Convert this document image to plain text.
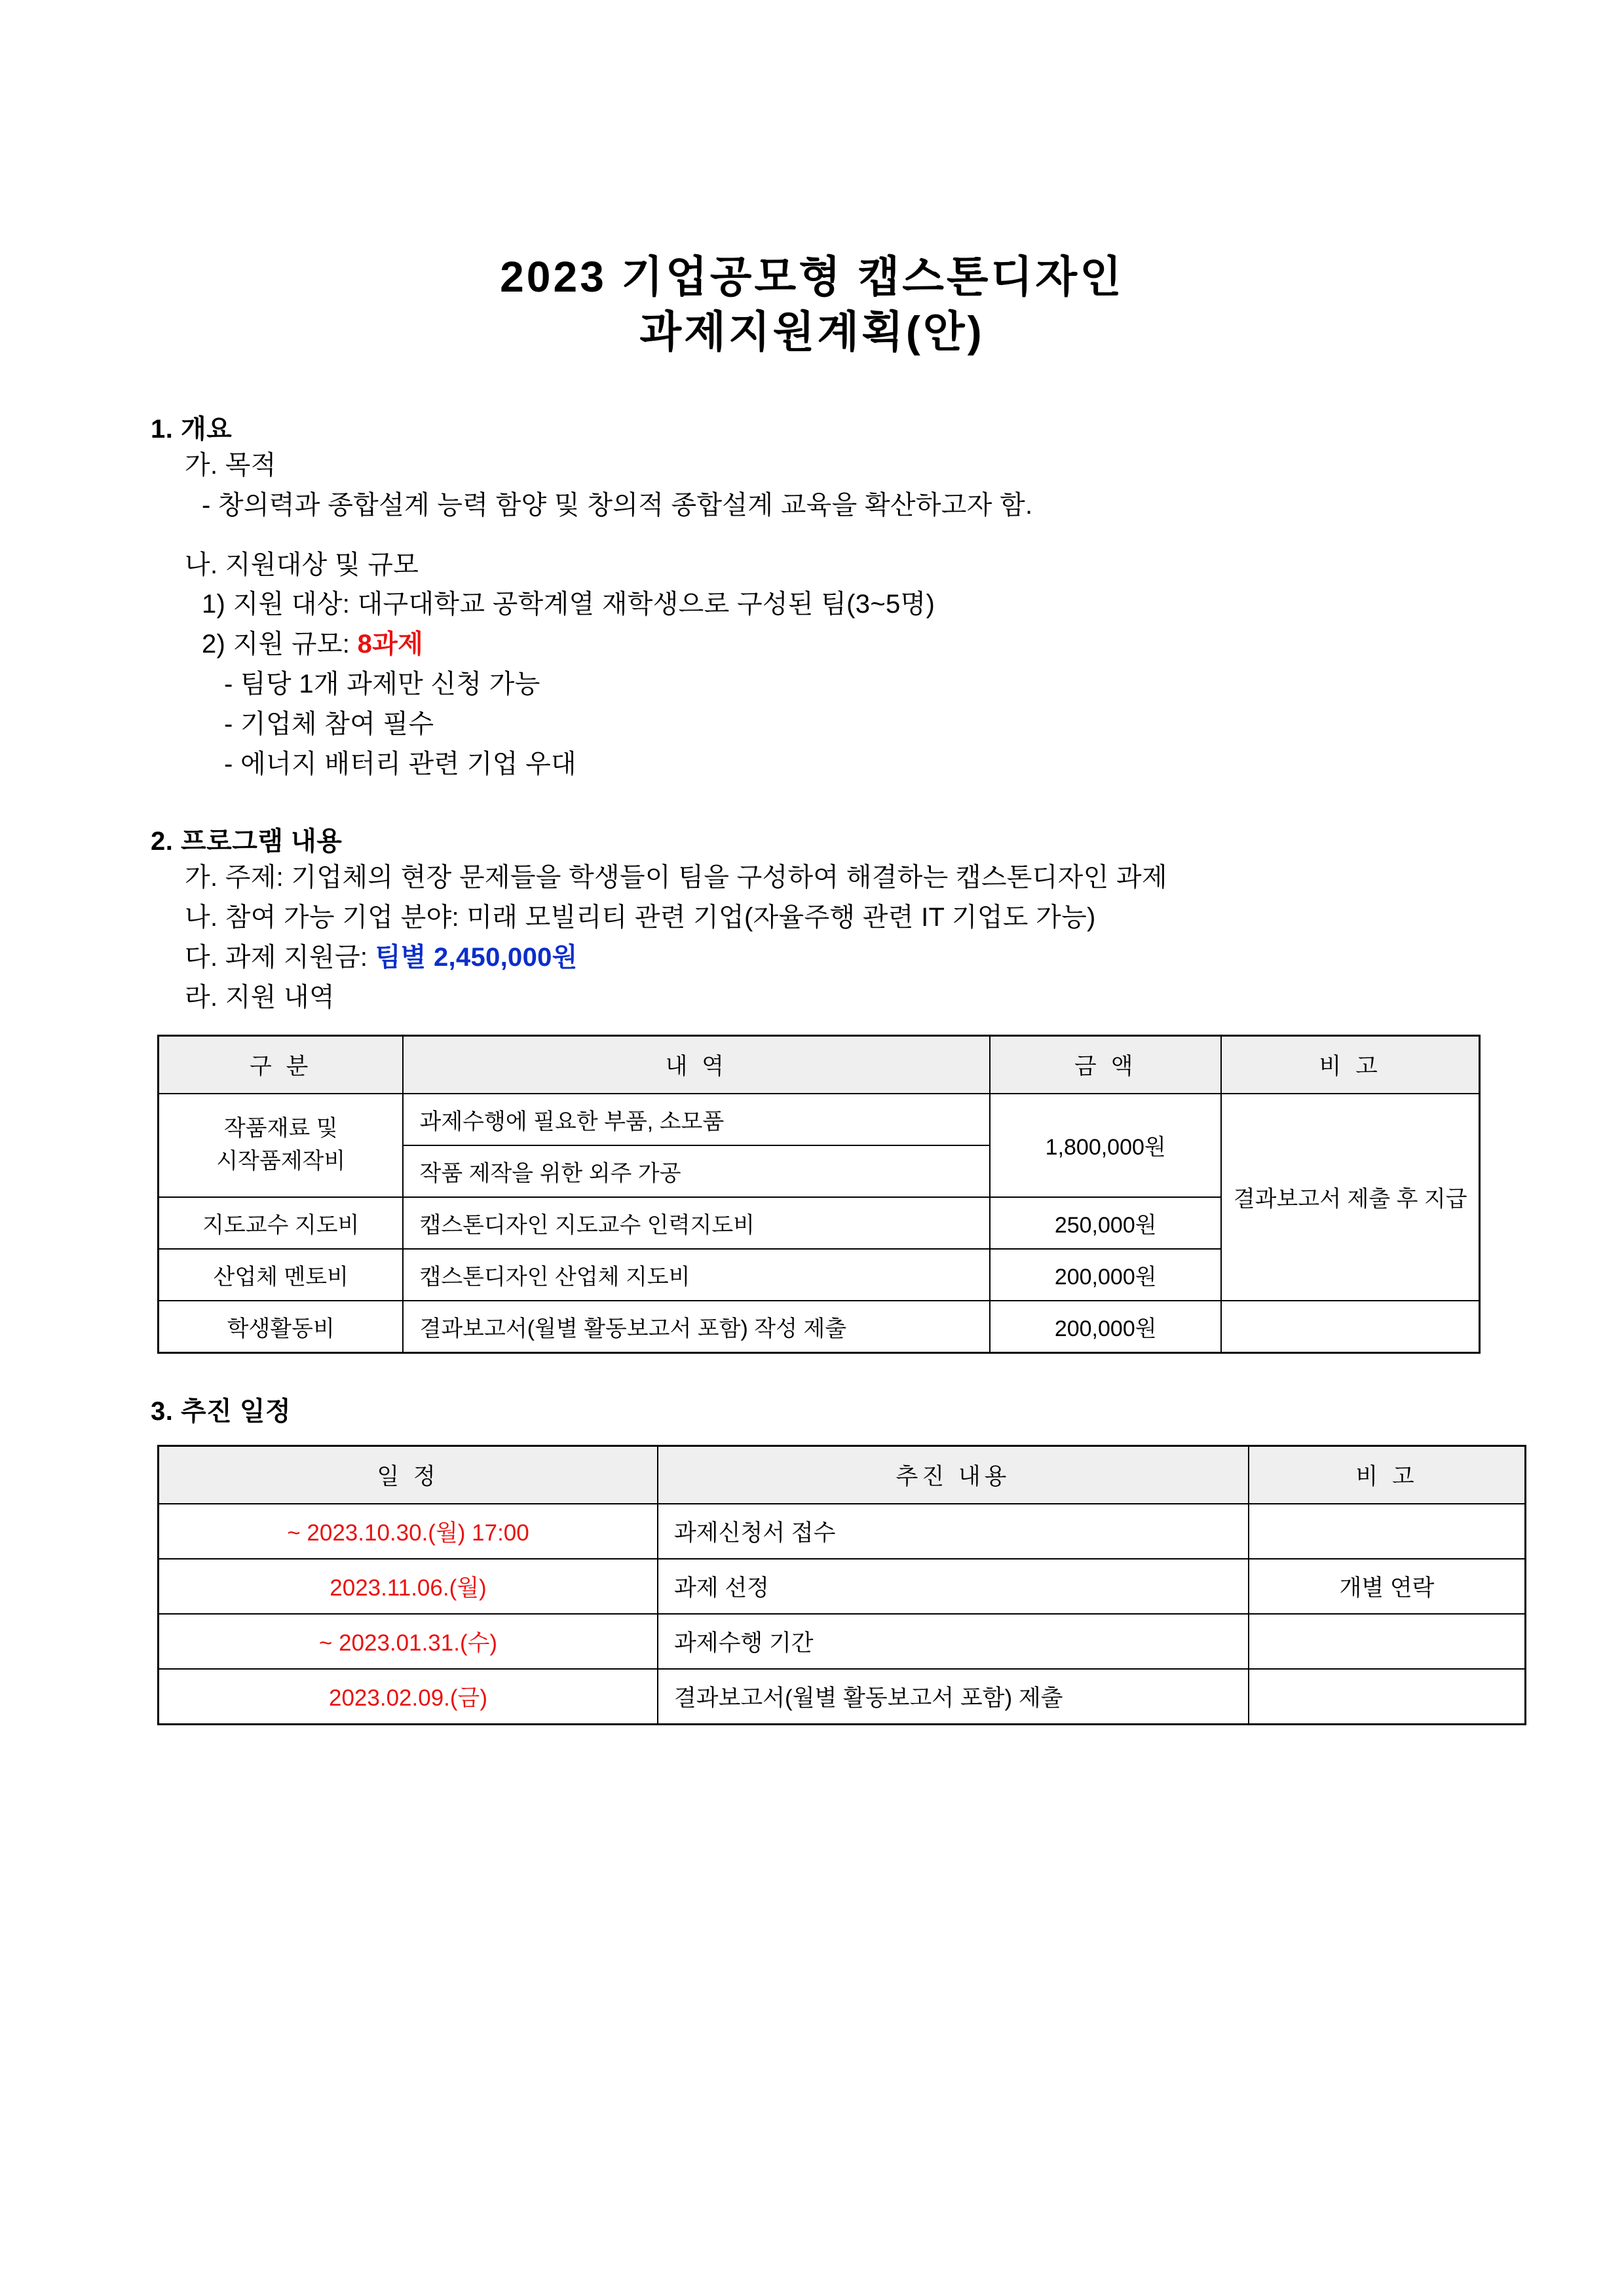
2023 기업공모형 캡스톤디자인
과제지원계획(안)
1. 개요
가. 목적
- 창의력과 종합설계 능력 함양 및 창의적 종합설계 교육을 확산하고자 함.
나. 지원대상 및 규모
1) 지원 대상: 대구대학교 공학계열 재학생으로 구성된 팀(3~5명)
2) 지원 규모: 8과제
- 팀당 1개 과제만 신청 가능
- 기업체 참여 필수
- 에너지 배터리 관련 기업 우대
2. 프로그램 내용
가. 주제: 기업체의 현장 문제들을 학생들이 팀을 구성하여 해결하는 캡스톤디자인 과제
나. 참여 가능 기업 분야: 미래 모빌리티 관련 기업(자율주행 관련 IT 기업도 가능)
다. 과제 지원금: 팀별 2,450,000원
라. 지원 내역
구 분	내 역	금 액	비 고

작품재료 및
시작품제작비	과제수행에 필요한 부품, 소모품	1,800,000원	결과보고서 제출 후 지급
	작품 제작을 위한 외주 가공		
지도교수 지도비	캡스톤디자인 지도교수 인력지도비	250,000원	
산업체 멘토비	캡스톤디자인 산업체 지도비	200,000원	
학생활동비	결과보고서(월별 활동보고서 포함) 작성 제출	200,000원	
3. 추진 일정
일 정	추진 내용	비 고
~ 2023.10.30.(월) 17:00	과제신청서 접수	
2023.11.06.(월)	과제 선정	개별 연락
~ 2023.01.31.(수)	과제수행 기간	
2023.02.09.(금)	결과보고서(월별 활동보고서 포함) 제출	
